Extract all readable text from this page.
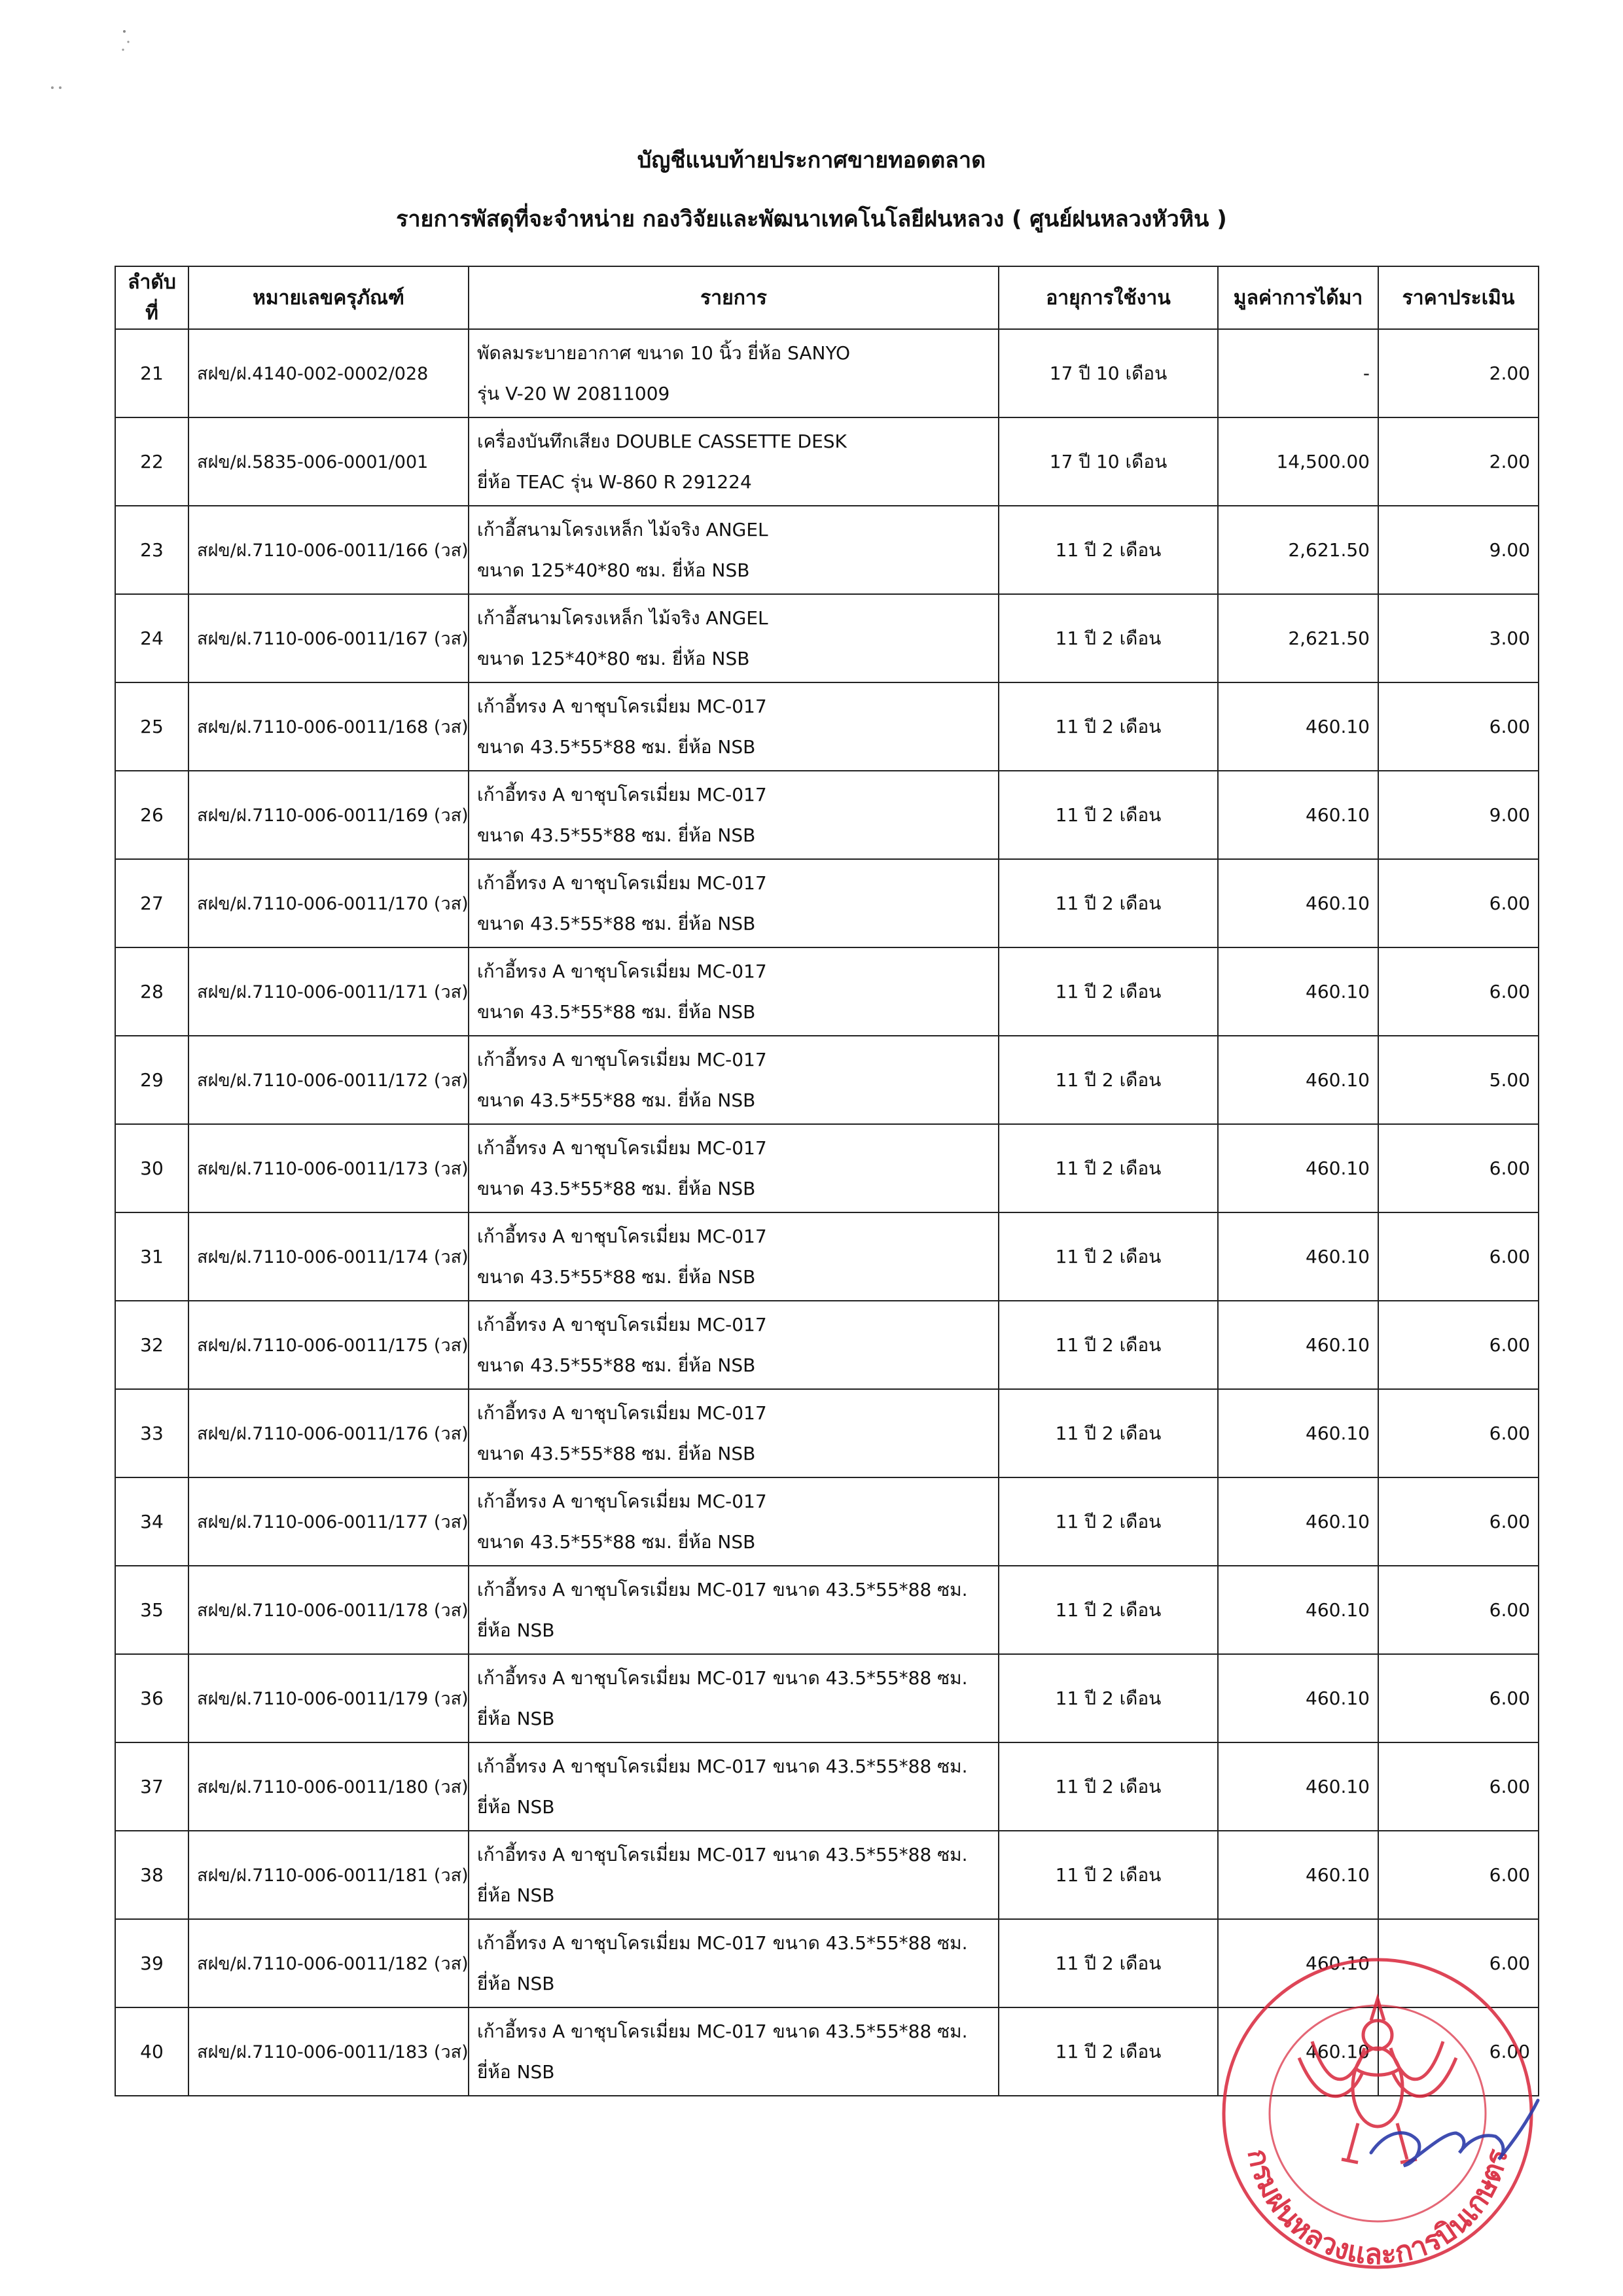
บัญชีแนบท้ายประกาศขายทอดตลาด
รายการพัสดุที่จะจำหน่าย กองวิจัยและพัฒนาเทคโนโลยีฝนหลวง ( ศูนย์ฝนหลวงหัวหิน )
ลำดับที่	หมายเลขครุภัณฑ์	รายการ	อายุการใช้งาน	มูลค่าการได้มา	ราคาประเมิน
21	สฝข/ฝ.4140-002-0002/028	พัดลมระบายอากาศ ขนาด 10 นิ้ว ยี่ห้อ SANYO
รุ่น V-20 W 20811009	17 ปี 10 เดือน	-	2.00
22	สฝข/ฝ.5835-006-0001/001	เครื่องบันทึกเสียง DOUBLE CASSETTE DESK
ยี่ห้อ TEAC รุ่น W-860 R 291224	17 ปี 10 เดือน	14,500.00	2.00
23	สฝข/ฝ.7110-006-0011/166 (วส)	เก้าอี้สนามโครงเหล็ก ไม้จริง ANGEL
ขนาด 125*40*80 ซม. ยี่ห้อ NSB	11 ปี 2 เดือน	2,621.50	9.00
24	สฝข/ฝ.7110-006-0011/167 (วส)	เก้าอี้สนามโครงเหล็ก ไม้จริง ANGEL
ขนาด 125*40*80 ซม. ยี่ห้อ NSB	11 ปี 2 เดือน	2,621.50	3.00
25	สฝข/ฝ.7110-006-0011/168 (วส)	เก้าอี้ทรง A ขาชุบโครเมี่ยม MC-017
ขนาด 43.5*55*88 ซม. ยี่ห้อ NSB	11 ปี 2 เดือน	460.10	6.00
26	สฝข/ฝ.7110-006-0011/169 (วส)	เก้าอี้ทรง A ขาชุบโครเมี่ยม MC-017
ขนาด 43.5*55*88 ซม. ยี่ห้อ NSB	11 ปี 2 เดือน	460.10	9.00
27	สฝข/ฝ.7110-006-0011/170 (วส)	เก้าอี้ทรง A ขาชุบโครเมี่ยม MC-017
ขนาด 43.5*55*88 ซม. ยี่ห้อ NSB	11 ปี 2 เดือน	460.10	6.00
28	สฝข/ฝ.7110-006-0011/171 (วส)	เก้าอี้ทรง A ขาชุบโครเมี่ยม MC-017
ขนาด 43.5*55*88 ซม. ยี่ห้อ NSB	11 ปี 2 เดือน	460.10	6.00
29	สฝข/ฝ.7110-006-0011/172 (วส)	เก้าอี้ทรง A ขาชุบโครเมี่ยม MC-017
ขนาด 43.5*55*88 ซม. ยี่ห้อ NSB	11 ปี 2 เดือน	460.10	5.00
30	สฝข/ฝ.7110-006-0011/173 (วส)	เก้าอี้ทรง A ขาชุบโครเมี่ยม MC-017
ขนาด 43.5*55*88 ซม. ยี่ห้อ NSB	11 ปี 2 เดือน	460.10	6.00
31	สฝข/ฝ.7110-006-0011/174 (วส)	เก้าอี้ทรง A ขาชุบโครเมี่ยม MC-017
ขนาด 43.5*55*88 ซม. ยี่ห้อ NSB	11 ปี 2 เดือน	460.10	6.00
32	สฝข/ฝ.7110-006-0011/175 (วส)	เก้าอี้ทรง A ขาชุบโครเมี่ยม MC-017
ขนาด 43.5*55*88 ซม. ยี่ห้อ NSB	11 ปี 2 เดือน	460.10	6.00
33	สฝข/ฝ.7110-006-0011/176 (วส)	เก้าอี้ทรง A ขาชุบโครเมี่ยม MC-017
ขนาด 43.5*55*88 ซม. ยี่ห้อ NSB	11 ปี 2 เดือน	460.10	6.00
34	สฝข/ฝ.7110-006-0011/177 (วส)	เก้าอี้ทรง A ขาชุบโครเมี่ยม MC-017
ขนาด 43.5*55*88 ซม. ยี่ห้อ NSB	11 ปี 2 เดือน	460.10	6.00
35	สฝข/ฝ.7110-006-0011/178 (วส)	เก้าอี้ทรง A ขาชุบโครเมี่ยม MC-017 ขนาด 43.5*55*88 ซม.
ยี่ห้อ NSB	11 ปี 2 เดือน	460.10	6.00
36	สฝข/ฝ.7110-006-0011/179 (วส)	เก้าอี้ทรง A ขาชุบโครเมี่ยม MC-017 ขนาด 43.5*55*88 ซม.
ยี่ห้อ NSB	11 ปี 2 เดือน	460.10	6.00
37	สฝข/ฝ.7110-006-0011/180 (วส)	เก้าอี้ทรง A ขาชุบโครเมี่ยม MC-017 ขนาด 43.5*55*88 ซม.
ยี่ห้อ NSB	11 ปี 2 เดือน	460.10	6.00
38	สฝข/ฝ.7110-006-0011/181 (วส)	เก้าอี้ทรง A ขาชุบโครเมี่ยม MC-017 ขนาด 43.5*55*88 ซม.
ยี่ห้อ NSB	11 ปี 2 เดือน	460.10	6.00
39	สฝข/ฝ.7110-006-0011/182 (วส)	เก้าอี้ทรง A ขาชุบโครเมี่ยม MC-017 ขนาด 43.5*55*88 ซม.
ยี่ห้อ NSB	11 ปี 2 เดือน	460.10	6.00
40	สฝข/ฝ.7110-006-0011/183 (วส)	เก้าอี้ทรง A ขาชุบโครเมี่ยม MC-017 ขนาด 43.5*55*88 ซม.
ยี่ห้อ NSB	11 ปี 2 เดือน	460.10	6.00
กรมฝนหลวงและการบินเกษตร
